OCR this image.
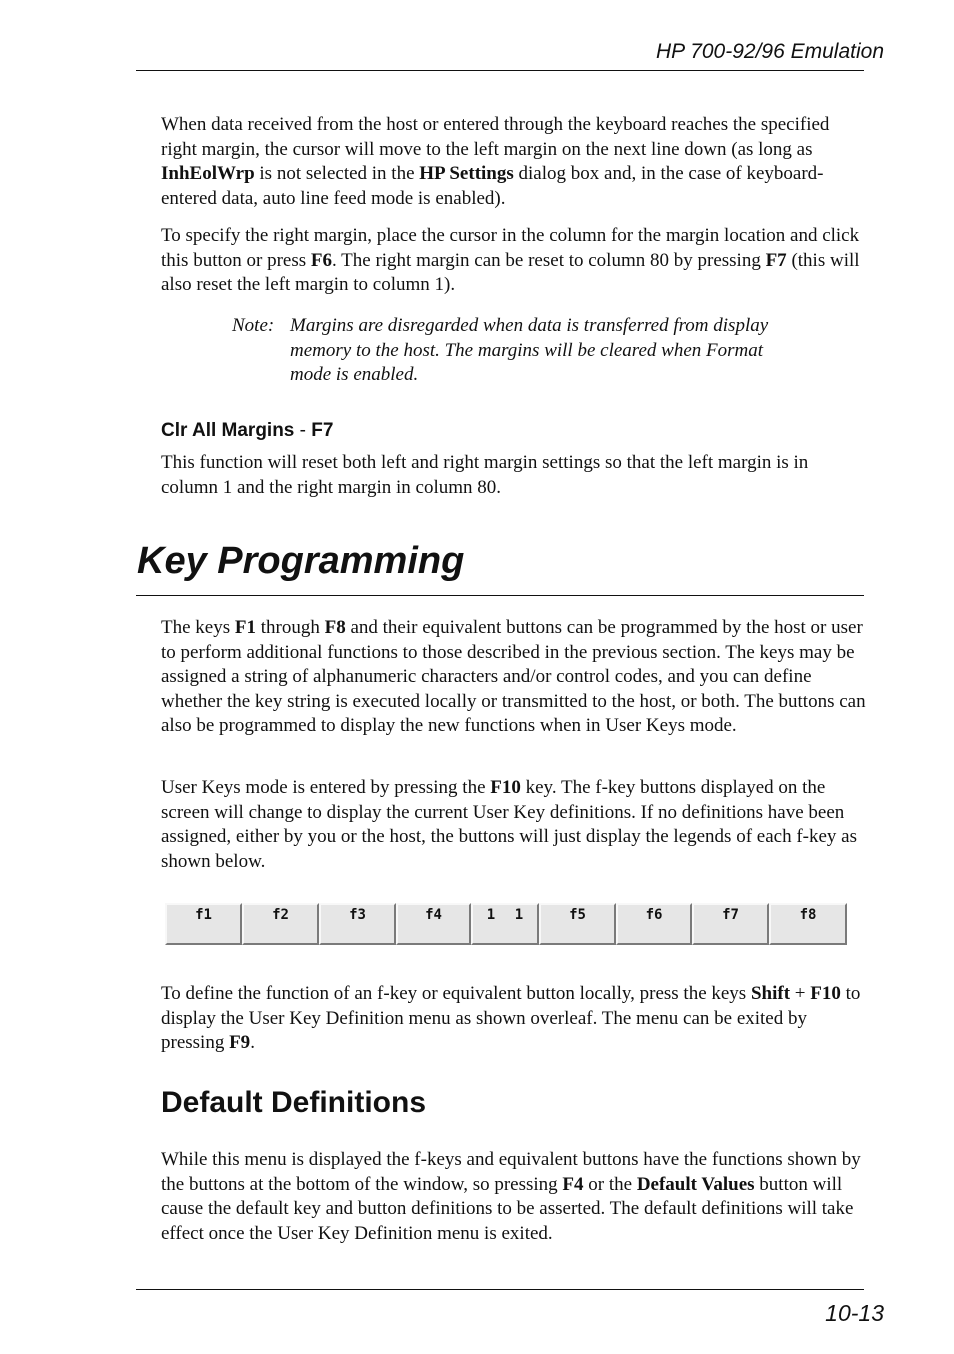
HP 700-92/96 Emulation

When data received from the host or entered through the keyboard reaches the specified right margin, the cursor will move to the left margin on the next line down (as long as InhEolWrp is not selected in the HP Settings dialog box and, in the case of keyboard-entered data, auto line feed mode is enabled).

To specify the right margin, place the cursor in the column for the margin location and click this button or press F6. The right margin can be reset to column 80 by pressing F7 (this will also reset the left margin to column 1).

Note: Margins are disregarded when data is transferred from display memory to the host. The margins will be cleared when Format mode is enabled.
Clr All Margins - F7

This function will reset both left and right margin settings so that the left margin is in column 1 and the right margin in column 80.

Key Programming

The keys F1 through F8 and their equivalent buttons can be programmed by the host or user to perform additional functions to those described in the previous section. The keys may be assigned a string of alphanumeric characters and/or control codes, and you can define whether the key string is executed locally or transmitted to the host, or both. The buttons can also be programmed to display the new functions when in User Keys mode.

User Keys mode is entered by pressing the F10 key. The f-key buttons displayed on the screen will change to display the current User Key definitions. If no definitions have been assigned, either by you or the host, the buttons will just display the legends of each f-key as shown below.

f1	f2	f3	f4	1 1	f5	f6	f7	f8

To define the function of an f-key or equivalent button locally, press the keys Shift + F10 to display the User Key Definition menu as shown overleaf. The menu can be exited by pressing F9.

Default Definitions

While this menu is displayed the f-keys and equivalent buttons have the functions shown by the buttons at the bottom of the window, so pressing F4 or the Default Values button will cause the default key and button definitions to be asserted. The default definitions will take effect once the User Key Definition menu is exited.

10-13
